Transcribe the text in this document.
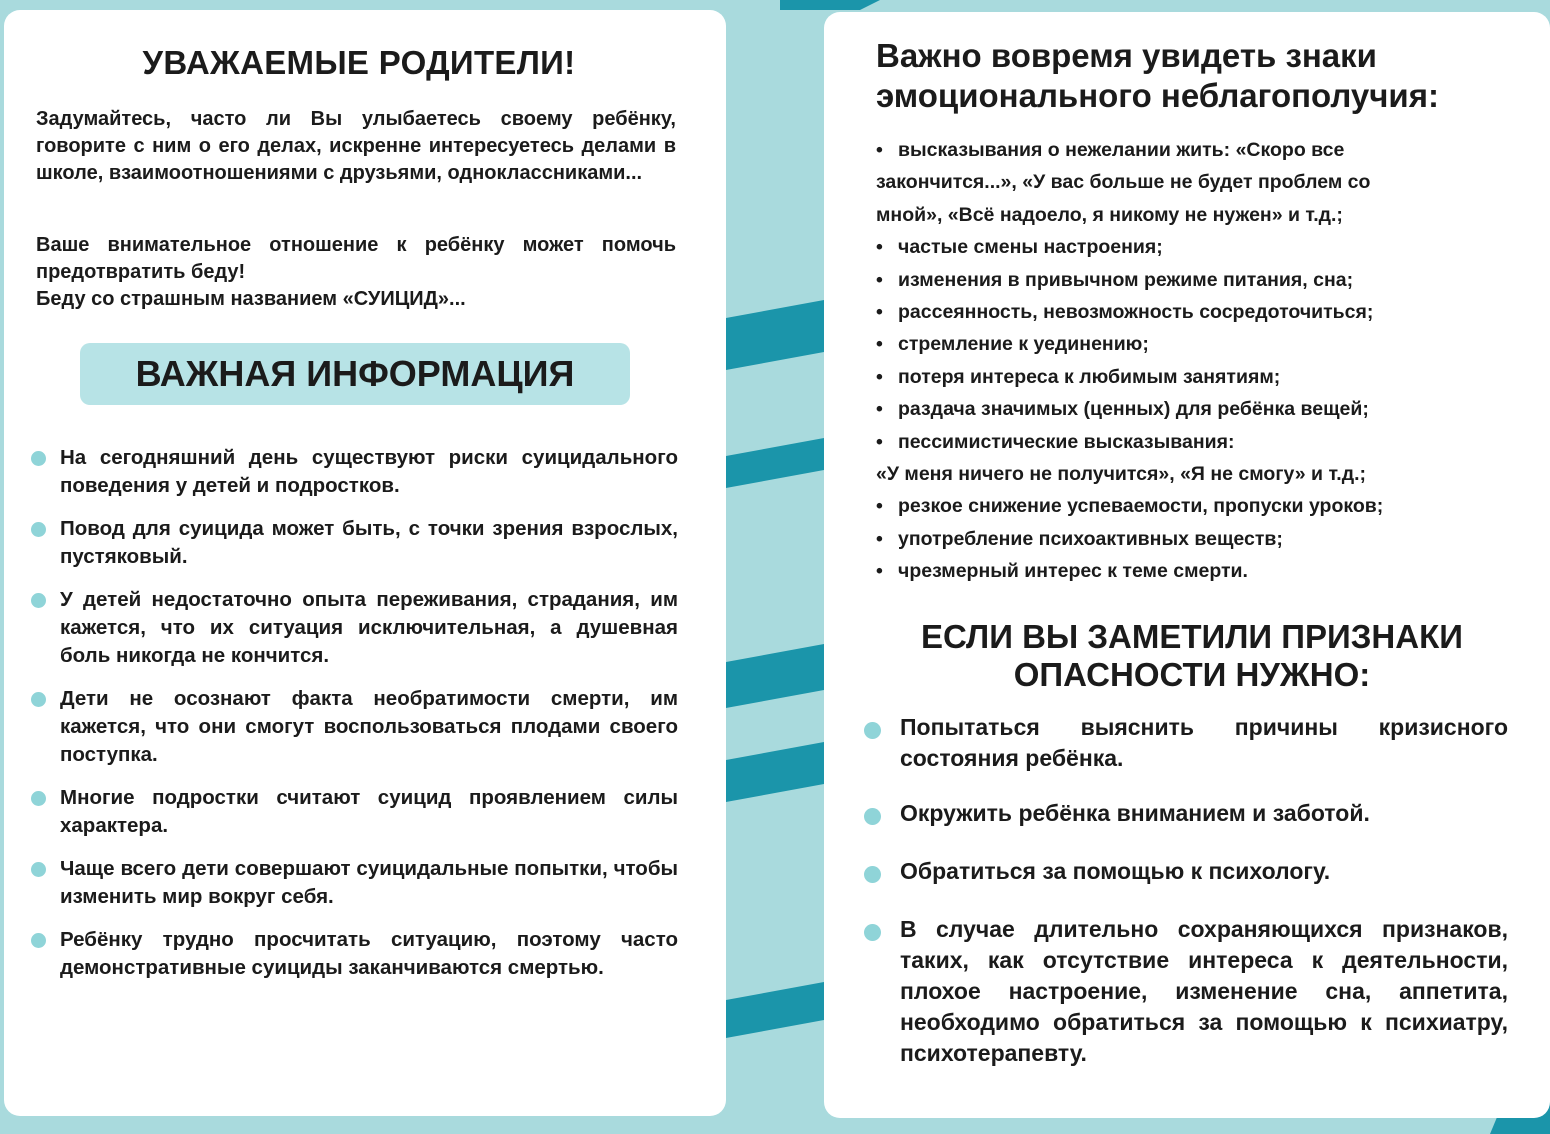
УВАЖАЕМЫЕ РОДИТЕЛИ!
Задумайтесь, часто ли Вы улыбаетесь своему ребёнку, говорите с ним о его делах, искренне интересуетесь делами в школе, взаимоотношениями с друзьями, одноклассниками...
Ваше внимательное отношение к ребёнку может помочь предотвратить беду!
Беду со страшным названием «СУИЦИД»...
ВАЖНАЯ ИНФОРМАЦИЯ
На сегодняшний день существуют риски суицидального поведения у детей и подростков.
Повод для суицида может быть, с точки зрения взрослых, пустяковый.
У детей недостаточно опыта переживания, страдания, им кажется, что их ситуация исключительная, а душевная боль никогда не кончится.
Дети не осознают факта необратимости смерти, им кажется, что они смогут воспользоваться плодами своего поступка.
Многие подростки считают суицид проявлением силы характера.
Чаще всего дети совершают суицидальные попытки, чтобы изменить мир вокруг себя.
Ребёнку трудно просчитать ситуацию, поэтому часто демонстративные суициды заканчиваются смертью.
Важно вовремя увидеть знаки эмоционального неблагополучия:
• высказывания о нежелании жить: «Скоро все
закончится...», «У вас больше не будет проблем со
мной», «Всё надоело, я никому не нужен» и т.д.;
• частые смены настроения;
• изменения в привычном режиме питания, сна;
• рассеянность, невозможность сосредоточиться;
• стремление к уединению;
• потеря интереса к любимым занятиям;
• раздача значимых (ценных) для ребёнка вещей;
• пессимистические высказывания:
«У меня ничего не получится», «Я не смогу» и т.д.;
• резкое снижение успеваемости, пропуски уроков;
• употребление психоактивных веществ;
• чрезмерный интерес к теме смерти.
ЕСЛИ ВЫ ЗАМЕТИЛИ ПРИЗНАКИ ОПАСНОСТИ НУЖНО:
Попытаться выяснить причины кризисного состояния ребёнка.
Окружить ребёнка вниманием и заботой.
Обратиться за помощью к психологу.
В случае длительно сохраняющихся признаков, таких, как отсутствие интереса к деятельности, плохое настроение, изменение сна, аппетита, необходимо обратиться за помощью к психиатру, психотерапевту.
